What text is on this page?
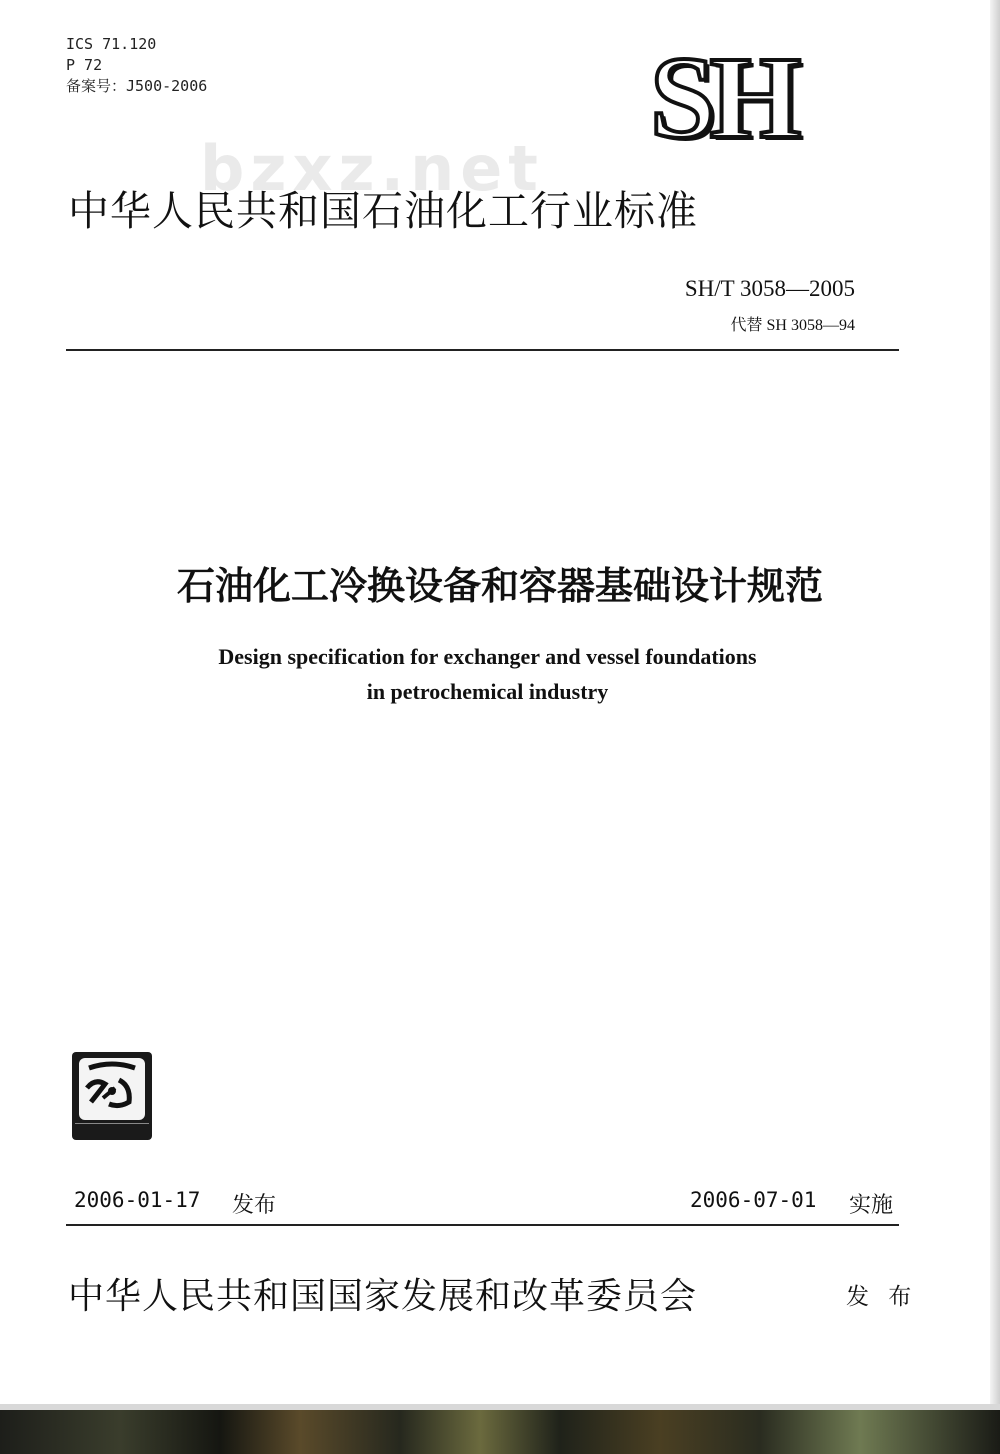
ICS 71.120
P 72
备案号：J500-2006	SH
bzxz.net
中华人民共和国石油化工行业标准
SH/T 3058—2005
代替 SH 3058—94
石油化工冷换设备和容器基础设计规范
Design specification for exchanger and vessel foundations
in petrochemical industry
2006-01-17 发布	2006-07-01 实施
中华人民共和国国家发展和改革委员会	发 布
